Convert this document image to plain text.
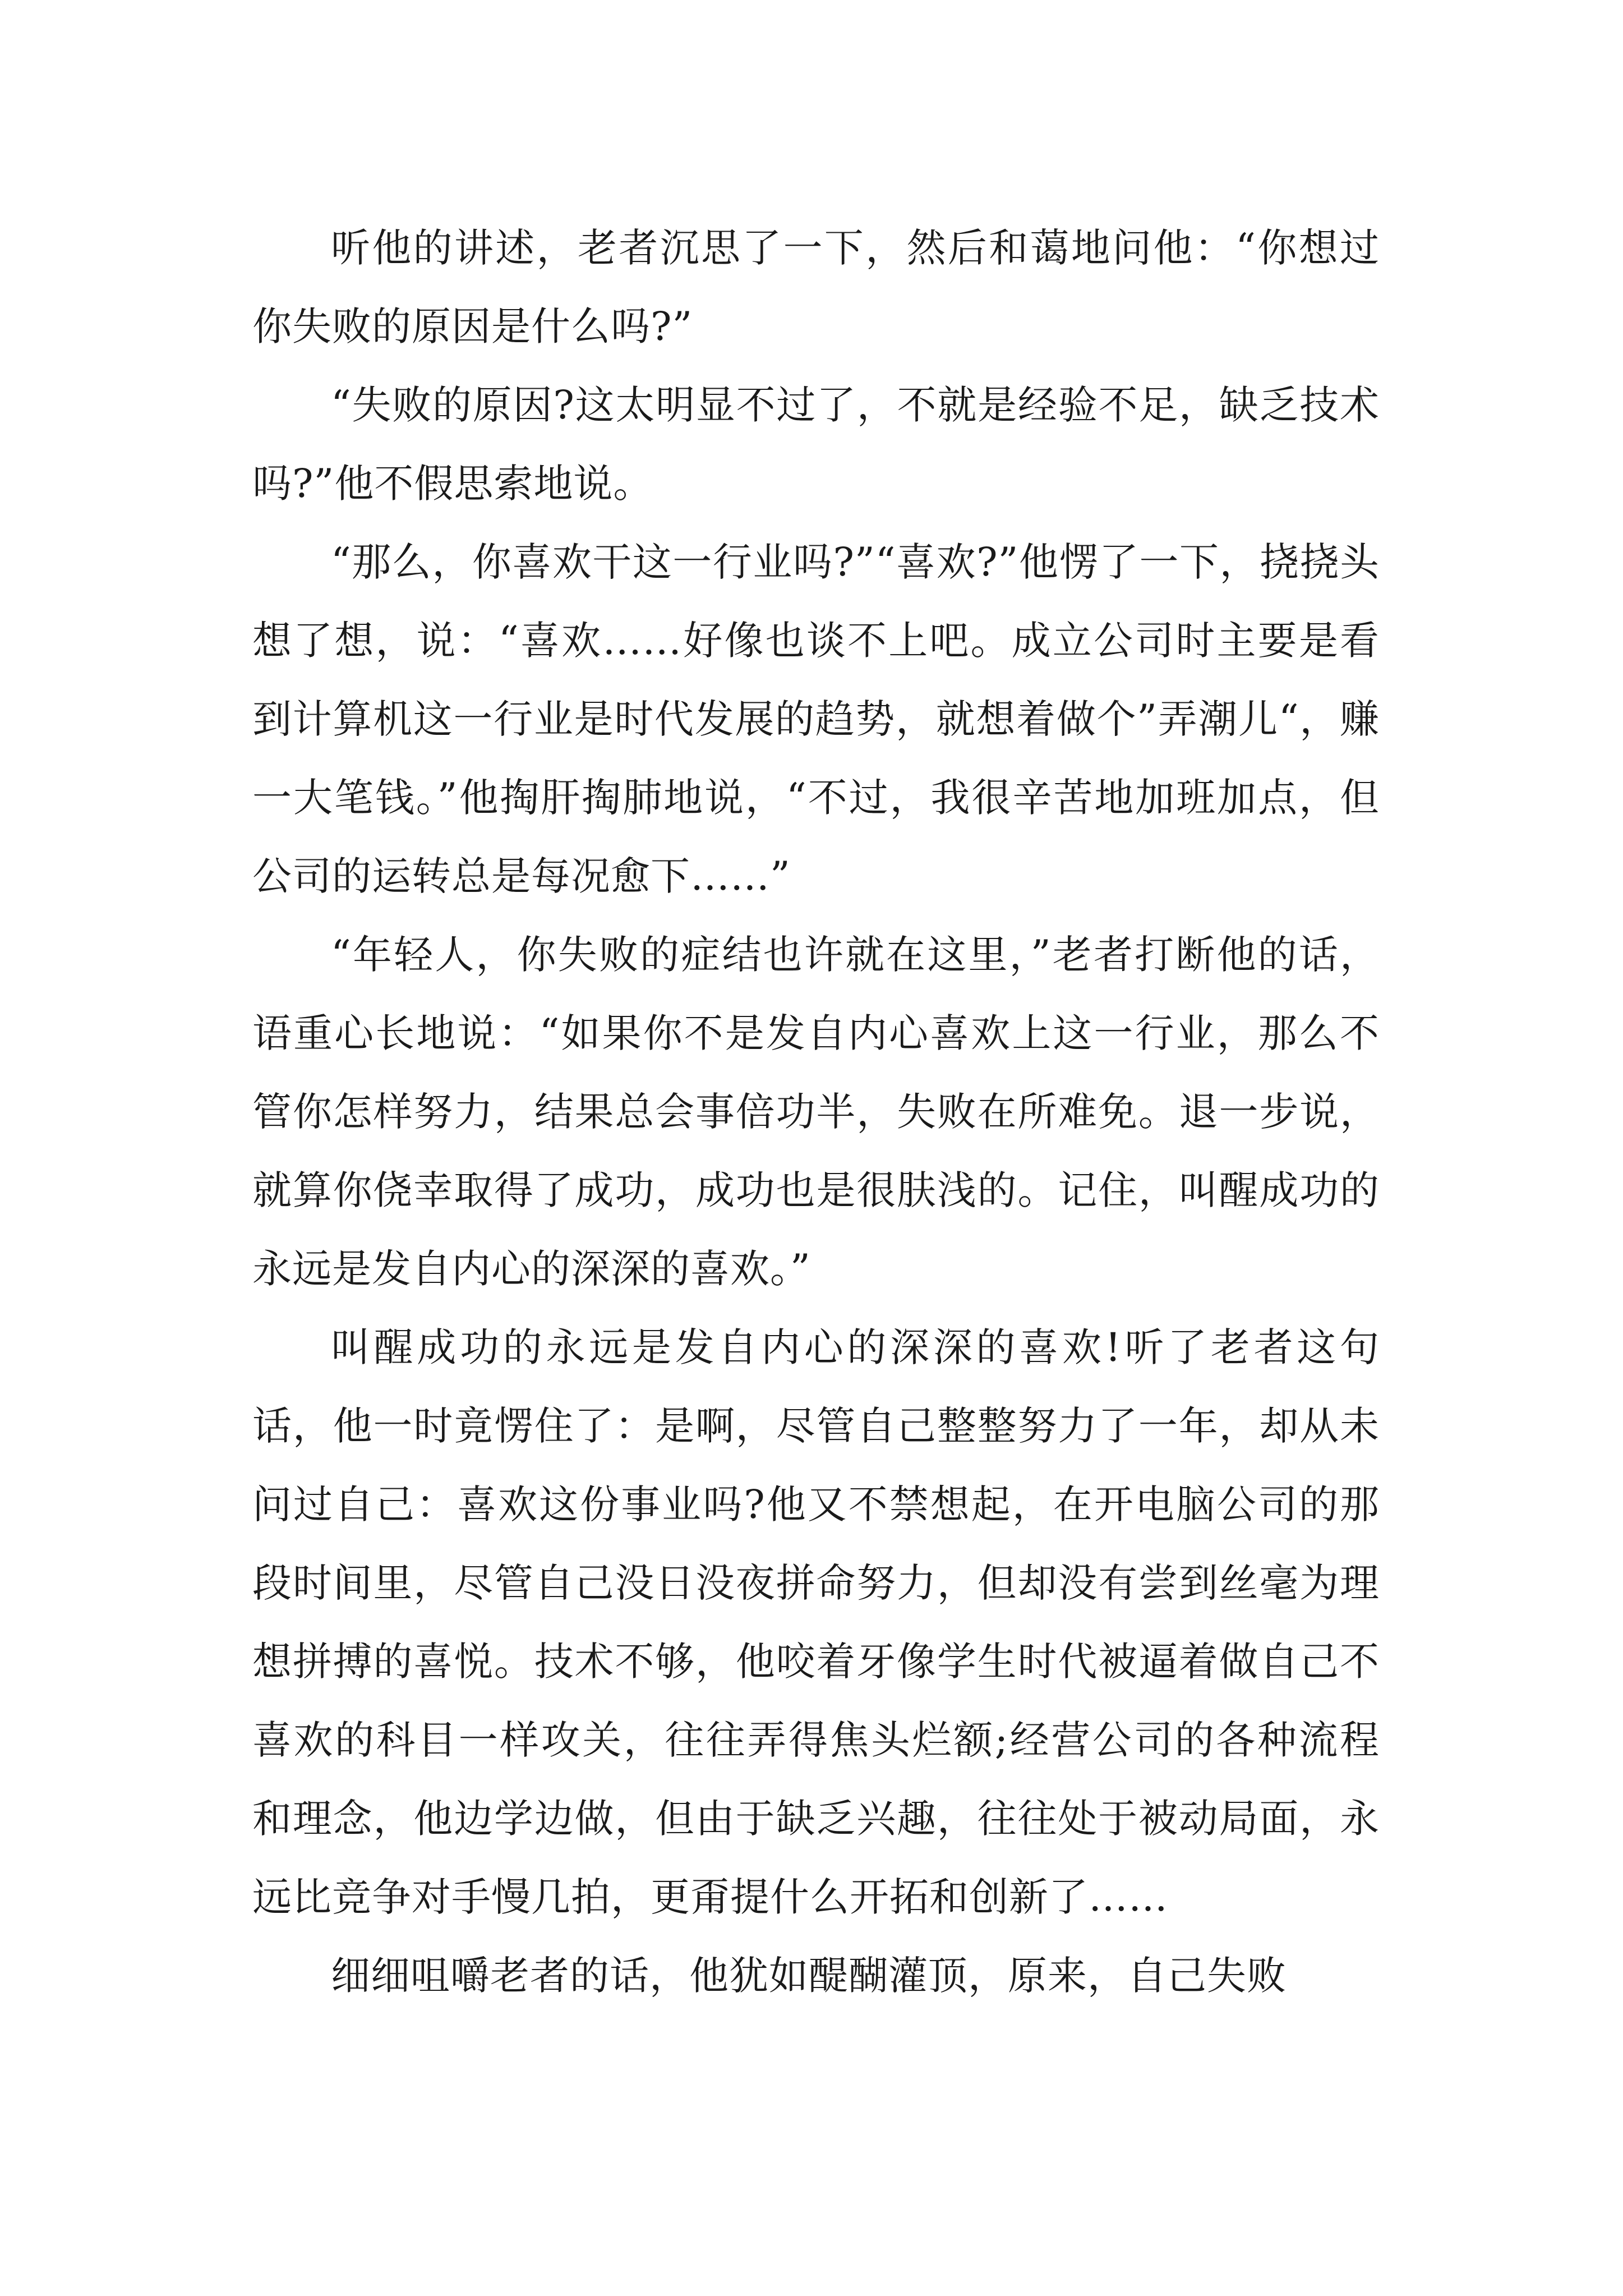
听他的讲述，老者沉思了一下，然后和蔼地问他：“你想过你失败的原因是什么吗?”

“失败的原因?这太明显不过了，不就是经验不足，缺乏技术吗?”他不假思索地说。

“那么，你喜欢干这一行业吗?”“喜欢?”他愣了一下，挠挠头想了想，说：“喜欢……好像也谈不上吧。成立公司时主要是看到计算机这一行业是时代发展的趋势，就想着做个”弄潮儿“，赚一大笔钱。”他掏肝掏肺地说，“不过，我很辛苦地加班加点，但公司的运转总是每况愈下……”

“年轻人，你失败的症结也许就在这里，”老者打断他的话，语重心长地说：“如果你不是发自内心喜欢上这一行业，那么不管你怎样努力，结果总会事倍功半，失败在所难免。退一步说，就算你侥幸取得了成功，成功也是很肤浅的。记住，叫醒成功的永远是发自内心的深深的喜欢。”

叫醒成功的永远是发自内心的深深的喜欢!听了老者这句话，他一时竟愣住了：是啊，尽管自己整整努力了一年，却从未问过自己：喜欢这份事业吗?他又不禁想起，在开电脑公司的那段时间里，尽管自己没日没夜拼命努力，但却没有尝到丝毫为理想拼搏的喜悦。技术不够，他咬着牙像学生时代被逼着做自己不喜欢的科目一样攻关，往往弄得焦头烂额;经营公司的各种流程和理念，他边学边做，但由于缺乏兴趣，往往处于被动局面，永远比竞争对手慢几拍，更甭提什么开拓和创新了……

细细咀嚼老者的话，他犹如醍醐灌顶，原来，自己失败
